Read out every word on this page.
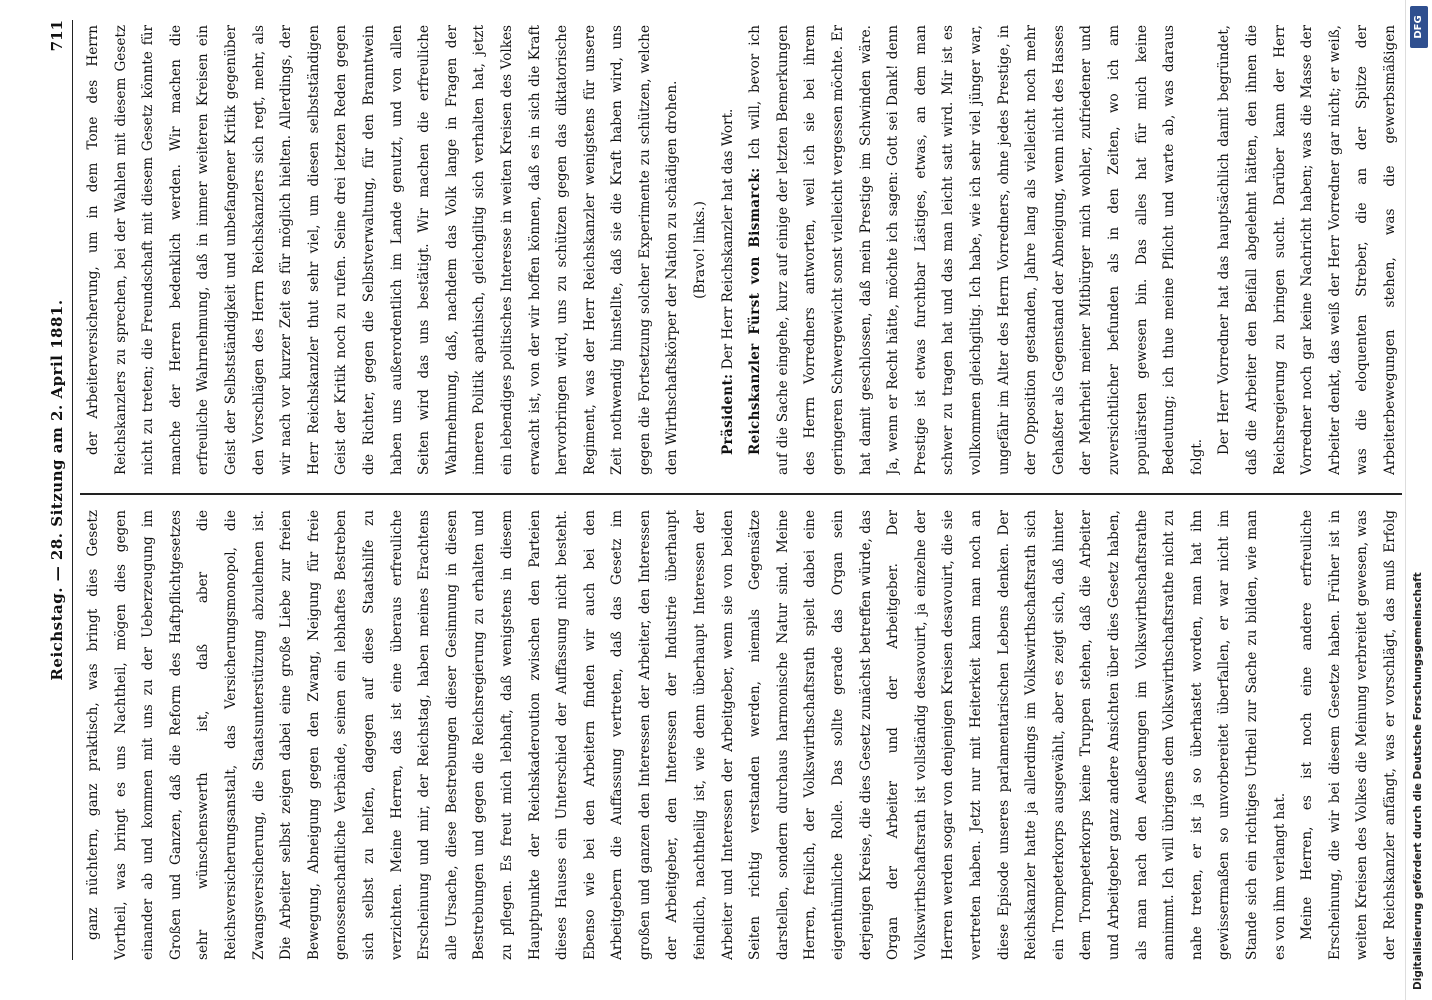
Reichstag. — 28. Sitzung am 2. April 1881.
711

ganz nüchtern, ganz praktisch, was bringt dies Gesetz Vortheil, was bringt es uns Nachtheil, mögen dies gegen einander ab und kommen mit uns zu der Ueberzeugung im Großen und Ganzen, daß die Reform des Haftpflichtgesetzes sehr wünschenswerth ist, daß aber die Reichsversicherungsanstalt, das Versicherungsmonopol, die Zwangsversicherung, die Staatsunterstützung abzulehnen ist. Die Arbeiter selbst zeigen dabei eine große Liebe zur freien Bewegung, Abneigung gegen den Zwang, Neigung für freie genossenschaftliche Verbände, seinen ein lebhaftes Bestreben sich selbst zu helfen, dagegen auf diese Staatshilfe zu verzichten. Meine Herren, das ist eine überaus erfreuliche Erscheinung und mir, der Reichstag, haben meines Erachtens alle Ursache, diese Bestrebungen dieser Gesinnung in diesen Bestrebungen und gegen die Reichsregierung zu erhalten und zu pflegen. Es freut mich lebhaft, daß wenigstens in diesem Hauptpunkte der Reichskaderoution zwischen den Parteien dieses Hauses ein Unterschied der Auffassung nicht besteht. Ebenso wie bei den Arbeitern finden wir auch bei den Arbeitgebern die Auffassung vertreten, daß das Gesetz im großen und ganzen den Interessen der Arbeiter, den Interessen der Arbeitgeber, den Interessen der Industrie überhaupt feindlich, nachtheilig ist, wie denn überhaupt Interessen der Arbeiter und Interessen der Arbeitgeber, wenn sie von beiden Seiten richtig verstanden werden, niemals Gegensätze darstellen, sondern durchaus harmonische Natur sind. Meine Herren, freilich, der Volkswirthschaftsrath spielt dabei eine eigenthümliche Rolle. Das sollte gerade das Organ sein derjenigen Kreise, die dies Gesetz zunächst betreffen würde, das Organ der Arbeiter und der Arbeitgeber. Der Volkswirthschaftsrath ist vollständig desavouirt, ja einzelne der Herren werden sogar von denjenigen Kreisen desavouirt, die sie vertreten haben. Jetzt nur mit Heiterkeit kann man noch an diese Episode unseres parlamentarischen Lebens denken. Der Reichskanzler hatte ja allerdings im Volkswirthschaftsrath sich ein Trompeterkorps ausgewählt, aber es zeigt sich, daß hinter dem Trompeterkorps keine Truppen stehen, daß die Arbeiter und Arbeitgeber ganz andere Ansichten über dies Gesetz haben, als man nach den Aeußerungen im Volkswirthschaftsrathe annimmt. Ich will übrigens dem Volkswirthschaftsrathe nicht zu nahe treten, er ist ja so überhastet worden, man hat ihn gewissermaßen so unvorbereitet überfallen, er war nicht im Stande sich ein richtiges Urtheil zur Sache zu bilden, wie man es von ihm verlangt hat. Meine Herren, es ist noch eine andere erfreuliche Erscheinung, die wir bei diesem Gesetze haben. Früher ist in weiten Kreisen des Volkes die Meinung verbreitet gewesen, was der Reichskanzler anfängt, was er vorschlägt, das muß Erfolg

der Arbeiterversicherung, um in dem Tone des Herrn Reichskanzlers zu sprechen, bei der Wahlen mit diesem Gesetz nicht zu treten; die Freundschaft mit diesem Gesetz könnte für manche der Herren bedenklich werden. Wir machen die erfreuliche Wahrnehmung, daß in immer weiteren Kreisen ein Geist der Selbstständigkeit und unbefangener Kritik gegenüber den Vorschlägen des Herrn Reichskanzlers sich regt, mehr, als wir nach vor kurzer Zeit es für möglich hielten. Allerdings, der Herr Reichskanzler thut sehr viel, um diesen selbstständigen Geist der Kritik noch zu rufen. Seine drei letzten Reden gegen die Richter, gegen die Selbstverwaltung, für den Branntwein haben uns außerordentlich im Lande genutzt, und von allen Seiten wird das uns bestätigt. Wir machen die erfreuliche Wahrnehmung, daß, nachdem das Volk lange in Fragen der inneren Politik apathisch, gleichgiltig sich verhalten hat, jetzt ein lebendiges politisches Interesse in weiten Kreisen des Volkes erwacht ist, von der wir hoffen können, daß es in sich die Kraft hervorbringen wird, uns zu schützen gegen das diktatorische Regiment, was der Herr Reichskanzler wenigstens für unsere Zeit nothwendig hinstellte, daß sie die Kraft haben wird, uns gegen die Fortsetzung solcher Experimente zu schützen, welche den Wirthschaftskörper der Nation zu schädigen drohen. (Bravo! links.)

Präsident: Der Herr Reichskanzler hat das Wort. Reichskanzler Fürst von Bismarck: Ich will, bevor ich auf die Sache eingehe, kurz auf einige der letzten Bemerkungen des Herrn Vorredners antworten, weil ich sie bei ihrem geringeren Schwergewicht sonst vielleicht vergessen möchte. Er hat damit geschlossen, daß mein Prestige im Schwinden wäre. Ja, wenn er Recht hätte, möchte ich sagen: Gott sei Dank! denn Prestige ist etwas furchtbar Lästiges, etwas, an dem man schwer zu tragen hat und das man leicht satt wird. Mir ist es vollkommen gleichgiltig. Ich habe, wie ich sehr viel jünger war, ungefähr im Alter des Herrn Vorredners, ohne jedes Prestige, in der Opposition gestanden, Jahre lang als vielleicht noch mehr Gehaßter als Gegenstand der Abneigung, wenn nicht des Hasses der Mehrheit meiner Mitbürger mich wohler, zufriedener und zuversichtlicher befunden als in den Zeiten, wo ich am populärsten gewesen bin. Das alles hat für mich keine Bedeutung; ich thue meine Pflicht und warte ab, was daraus folgt. Der Herr Vorredner hat das hauptsächlich damit begründet, daß die Arbeiter den Beifall abgelehnt hätten, den ihnen die Reichsregierung zu bringen sucht. Darüber kann der Herr Vorredner noch gar keine Nachricht haben; was die Masse der Arbeiter denkt, das weiß der Herr Vorredner gar nicht; er weiß, was die eloquenten Streber, die an der Spitze der Arbeiterbewegungen stehen, was die gewerbsmäßigen

Digitalisierung gefördert durch die Deutsche Forschungsgemeinschaft
DFG
